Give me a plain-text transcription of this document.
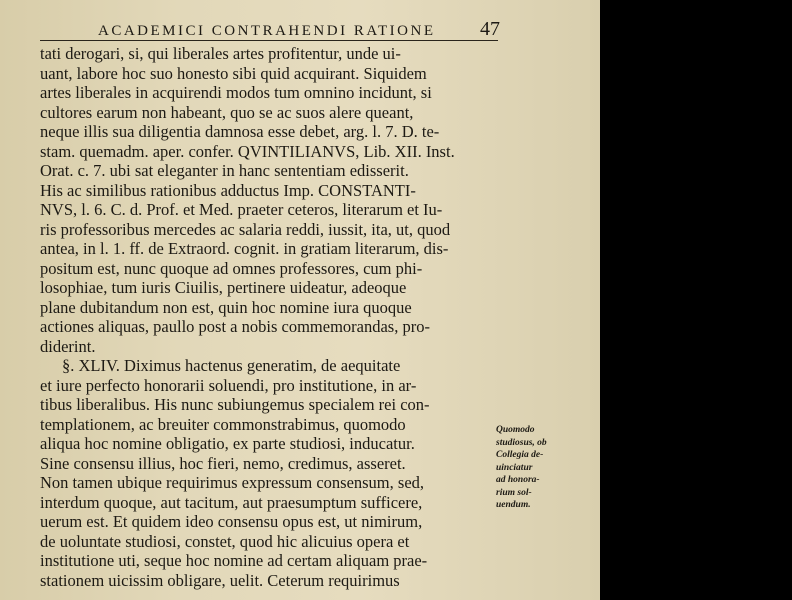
ACADEMICI CONTRAHENDI RATIONE 47
tati derogari, si, qui liberales artes profitentur, unde ui-
uant, labore hoc suo honesto sibi quid acquirant. Siquidem
artes liberales in acquirendi modos tum omnino incidunt, si
cultores earum non habeant, quo se ac suos alere queant,
neque illis sua diligentia damnosa esse debet, arg. l. 7. D. te-
stam. quemadm. aper. confer. QVINTILIANVS, Lib. XII. Inst.
Orat. c. 7. ubi sat eleganter in hanc sententiam edisserit.
His ac similibus rationibus adductus Imp. CONSTANTI-
NVS, l. 6. C. d. Prof. et Med. praeter ceteros, literarum et Iu-
ris professoribus mercedes ac salaria reddi, iussit, ita, ut, quod
antea, in l. 1. ff. de Extraord. cognit. in gratiam literarum, dis-
positum est, nunc quoque ad omnes professores, cum phi-
losophiae, tum iuris Ciuilis, pertinere uideatur, adeoque
plane dubitandum non est, quin hoc nomine iura quoque
actiones aliquas, paullo post a nobis commemorandas, pro-
diderint.
§. XLIV. Diximus hactenus generatim, de aequitate
et iure perfecto honorarii soluendi, pro institutione, in ar-
tibus liberalibus. His nunc subiungemus specialem rei con-
templationem, ac breuiter commonstrabimus, quomodo
aliqua hoc nomine obligatio, ex parte studiosi, inducatur.
Sine consensu illius, hoc fieri, nemo, credimus, asseret.
Non tamen ubique requirimus expressum consensum, sed,
interdum quoque, aut tacitum, aut praesumptum sufficere,
uerum est. Et quidem ideo consensu opus est, ut nimirum,
de uoluntate studiosi, constet, quod hic alicuius opera et
institutione uti, seque hoc nomine ad certam aliquam prae-
stationem uicissim obligare, uelit. Ceterum requirimus
Quomodo
studiosus, ob
Collegia de-
uinciatur
ad honora-
rium sol-
uendum.
